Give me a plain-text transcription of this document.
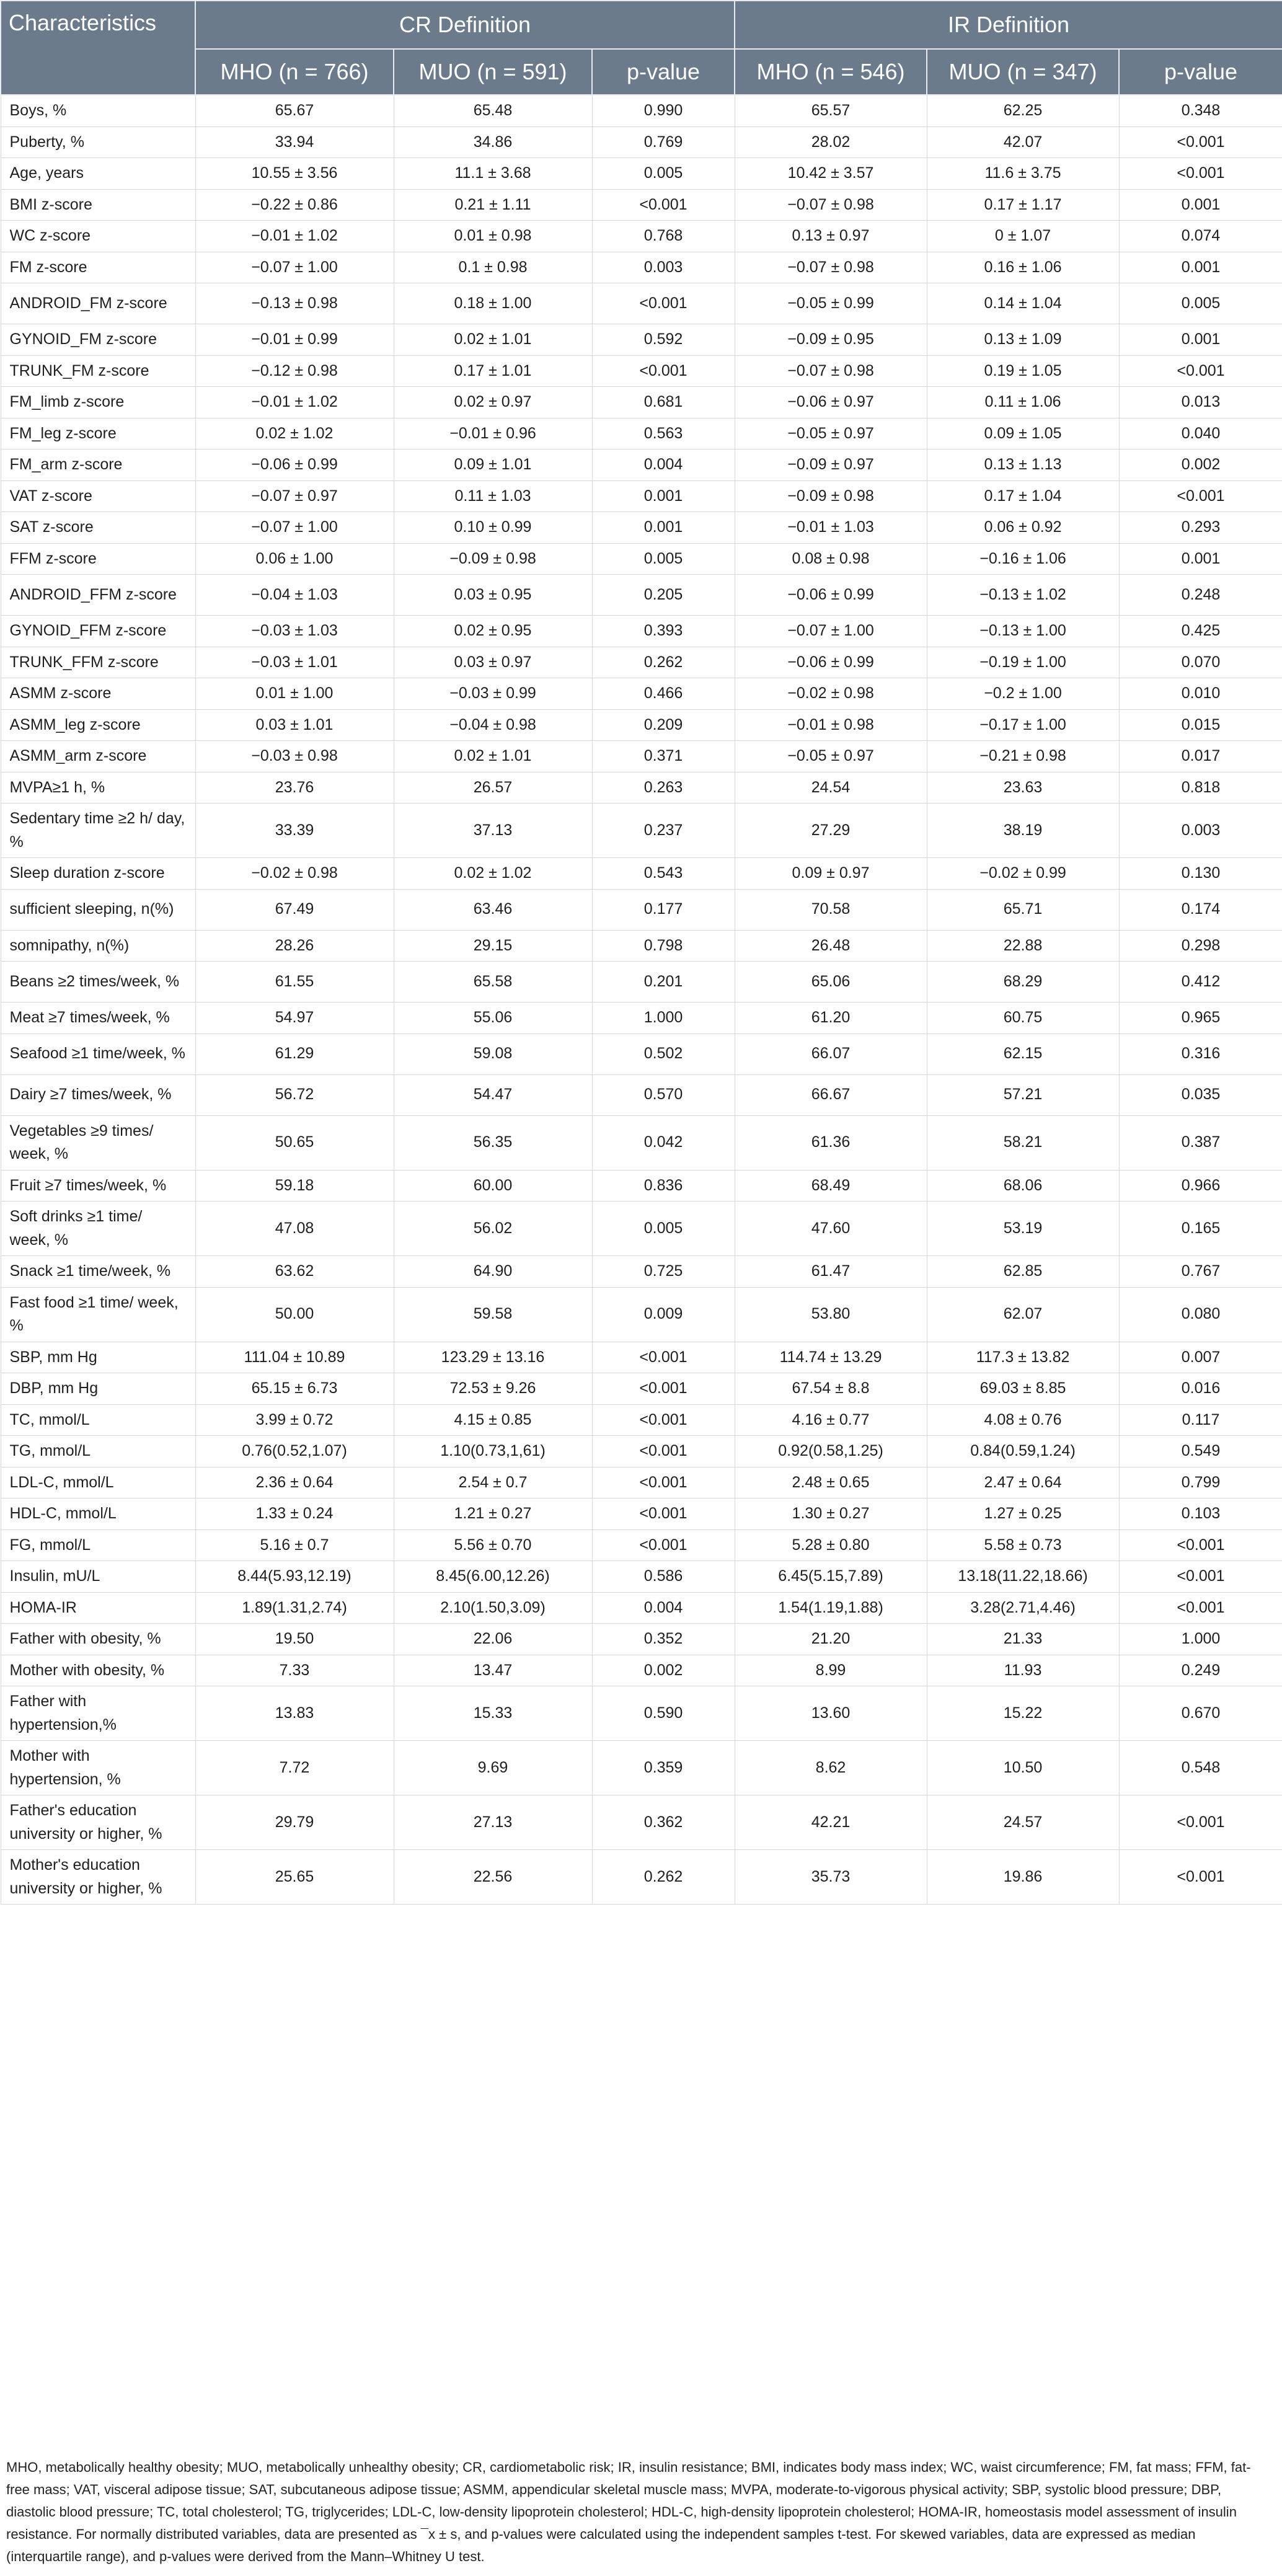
Characteristics	CR Definition			IR Definition		
	MHO (n = 766)	MUO (n = 591)	p-value	MHO (n = 546)	MUO (n = 347)	p-value
Boys, %	65.67	65.48	0.990	65.57	62.25	0.348
Puberty, %	33.94	34.86	0.769	28.02	42.07	<0.001
Age, years	10.55 ± 3.56	11.1 ± 3.68	0.005	10.42 ± 3.57	11.6 ± 3.75	<0.001
BMI z-score	−0.22 ± 0.86	0.21 ± 1.11	<0.001	−0.07 ± 0.98	0.17 ± 1.17	0.001
WC z-score	−0.01 ± 1.02	0.01 ± 0.98	0.768	0.13 ± 0.97	0 ± 1.07	0.074
FM z-score	−0.07 ± 1.00	0.1 ± 0.98	0.003	−0.07 ± 0.98	0.16 ± 1.06	0.001
ANDROID_FM z-score	−0.13 ± 0.98	0.18 ± 1.00	<0.001	−0.05 ± 0.99	0.14 ± 1.04	0.005
GYNOID_FM z-score	−0.01 ± 0.99	0.02 ± 1.01	0.592	−0.09 ± 0.95	0.13 ± 1.09	0.001
TRUNK_FM z-score	−0.12 ± 0.98	0.17 ± 1.01	<0.001	−0.07 ± 0.98	0.19 ± 1.05	<0.001
FM_limb z-score	−0.01 ± 1.02	0.02 ± 0.97	0.681	−0.06 ± 0.97	0.11 ± 1.06	0.013
FM_leg z-score	0.02 ± 1.02	−0.01 ± 0.96	0.563	−0.05 ± 0.97	0.09 ± 1.05	0.040
FM_arm z-score	−0.06 ± 0.99	0.09 ± 1.01	0.004	−0.09 ± 0.97	0.13 ± 1.13	0.002
VAT z-score	−0.07 ± 0.97	0.11 ± 1.03	0.001	−0.09 ± 0.98	0.17 ± 1.04	<0.001
SAT z-score	−0.07 ± 1.00	0.10 ± 0.99	0.001	−0.01 ± 1.03	0.06 ± 0.92	0.293
FFM z-score	0.06 ± 1.00	−0.09 ± 0.98	0.005	0.08 ± 0.98	−0.16 ± 1.06	0.001
ANDROID_FFM z-score	−0.04 ± 1.03	0.03 ± 0.95	0.205	−0.06 ± 0.99	−0.13 ± 1.02	0.248
GYNOID_FFM z-score	−0.03 ± 1.03	0.02 ± 0.95	0.393	−0.07 ± 1.00	−0.13 ± 1.00	0.425
TRUNK_FFM z-score	−0.03 ± 1.01	0.03 ± 0.97	0.262	−0.06 ± 0.99	−0.19 ± 1.00	0.070
ASMM z-score	0.01 ± 1.00	−0.03 ± 0.99	0.466	−0.02 ± 0.98	−0.2 ± 1.00	0.010
ASMM_leg z-score	0.03 ± 1.01	−0.04 ± 0.98	0.209	−0.01 ± 0.98	−0.17 ± 1.00	0.015
ASMM_arm z-score	−0.03 ± 0.98	0.02 ± 1.01	0.371	−0.05 ± 0.97	−0.21 ± 0.98	0.017
MVPA≥1 h, %	23.76	26.57	0.263	24.54	23.63	0.818
Sedentary time ≥2 h/ day, %	33.39	37.13	0.237	27.29	38.19	0.003
Sleep duration z-score	−0.02 ± 0.98	0.02 ± 1.02	0.543	0.09 ± 0.97	−0.02 ± 0.99	0.130
sufficient sleeping, n(%)	67.49	63.46	0.177	70.58	65.71	0.174
somnipathy, n(%)	28.26	29.15	0.798	26.48	22.88	0.298
Beans ≥2 times/week, %	61.55	65.58	0.201	65.06	68.29	0.412
Meat ≥7 times/week, %	54.97	55.06	1.000	61.20	60.75	0.965
Seafood ≥1 time/week, %	61.29	59.08	0.502	66.07	62.15	0.316
Dairy ≥7 times/week, %	56.72	54.47	0.570	66.67	57.21	0.035
Vegetables ≥9 times/ week, %	50.65	56.35	0.042	61.36	58.21	0.387
Fruit ≥7 times/week, %	59.18	60.00	0.836	68.49	68.06	0.966
Soft drinks ≥1 time/ week, %	47.08	56.02	0.005	47.60	53.19	0.165
Snack ≥1 time/week, %	63.62	64.90	0.725	61.47	62.85	0.767
Fast food ≥1 time/ week, %	50.00	59.58	0.009	53.80	62.07	0.080
SBP, mm Hg	111.04 ± 10.89	123.29 ± 13.16	<0.001	114.74 ± 13.29	117.3 ± 13.82	0.007
DBP, mm Hg	65.15 ± 6.73	72.53 ± 9.26	<0.001	67.54 ± 8.8	69.03 ± 8.85	0.016
TC, mmol/L	3.99 ± 0.72	4.15 ± 0.85	<0.001	4.16 ± 0.77	4.08 ± 0.76	0.117
TG, mmol/L	0.76(0.52,1.07)	1.10(0.73,1,61)	<0.001	0.92(0.58,1.25)	0.84(0.59,1.24)	0.549
LDL-C, mmol/L	2.36 ± 0.64	2.54 ± 0.7	<0.001	2.48 ± 0.65	2.47 ± 0.64	0.799
HDL-C, mmol/L	1.33 ± 0.24	1.21 ± 0.27	<0.001	1.30 ± 0.27	1.27 ± 0.25	0.103
FG, mmol/L	5.16 ± 0.7	5.56 ± 0.70	<0.001	5.28 ± 0.80	5.58 ± 0.73	<0.001
Insulin, mU/L	8.44(5.93,12.19)	8.45(6.00,12.26)	0.586	6.45(5.15,7.89)	13.18(11.22,18.66)	<0.001
HOMA-IR	1.89(1.31,2.74)	2.10(1.50,3.09)	0.004	1.54(1.19,1.88)	3.28(2.71,4.46)	<0.001
Father with obesity, %	19.50	22.06	0.352	21.20	21.33	1.000
Mother with obesity, %	7.33	13.47	0.002	8.99	11.93	0.249
Father with hypertension,%	13.83	15.33	0.590	13.60	15.22	0.670
Mother with hypertension, %	7.72	9.69	0.359	8.62	10.50	0.548
Father's education university or higher, %	29.79	27.13	0.362	42.21	24.57	<0.001
Mother's education university or higher, %	25.65	22.56	0.262	35.73	19.86	<0.001
MHO, metabolically healthy obesity; MUO, metabolically unhealthy obesity; CR, cardiometabolic risk; IR, insulin resistance; BMI, indicates body mass index; WC, waist circumference; FM, fat mass; FFM, fat-free mass; VAT, visceral adipose tissue; SAT, subcutaneous adipose tissue; ASMM, appendicular skeletal muscle mass; MVPA, moderate-to-vigorous physical activity; SBP, systolic blood pressure; DBP, diastolic blood pressure; TC, total cholesterol; TG, triglycerides; LDL-C, low-density lipoprotein cholesterol; HDL-C, high-density lipoprotein cholesterol; HOMA-IR, homeostasis model assessment of insulin resistance. For normally distributed variables, data are presented as ¯x ± s, and p-values were calculated using the independent samples t-test. For skewed variables, data are expressed as median (interquartile range), and p-values were derived from the Mann–Whitney U test.
